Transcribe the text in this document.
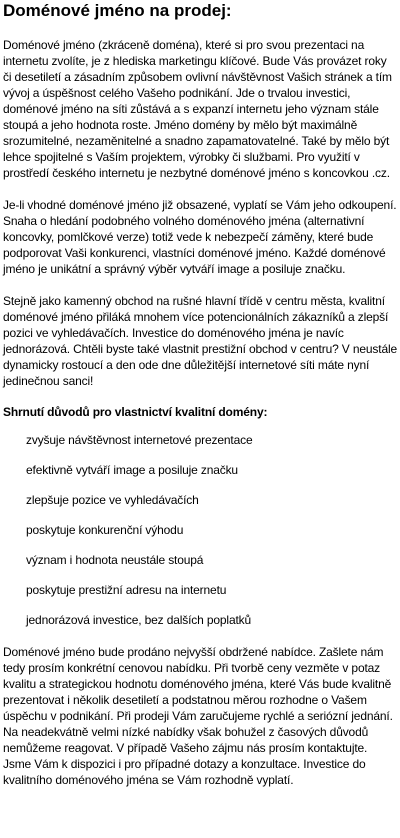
Doménové jméno na prodej:

Doménové jméno (zkráceně doména), které si pro svou prezentaci na internetu zvolíte, je z hlediska marketingu klíčové. Bude Vás provázet roky či desetiletí a zásadním způsobem ovlivní návštěvnost Vašich stránek a tím vývoj a úspěšnost celého Vašeho podnikání. Jde o trvalou investici, doménové jméno na síti zůstává a s expanzí internetu jeho význam stále stoupá a jeho hodnota roste. Jméno domény by mělo být maximálně srozumitelné, nezaměnitelné a snadno zapamatovatelné. Také by mělo být lehce spojitelné s Vaším projektem, výrobky či službami. Pro využití v prostředí českého internetu je nezbytné doménové jméno s koncovkou .cz.

Je-li vhodné doménové jméno již obsazené, vyplatí se Vám jeho odkoupení. Snaha o hledání podobného volného doménového jména (alternativní koncovky, pomlčkové verze) totiž vede k nebezpečí záměny, které bude podporovat Vaši konkurenci, vlastníci doménové jméno. Každé doménové jméno je unikátní a správný výběr vytváří image a posiluje značku.

Stejně jako kamenný obchod na rušné hlavní třídě v centru města, kvalitní doménové jméno přiláká mnohem více potencionálních zákazníků a zlepší pozici ve vyhledávačích. Investice do doménového jména je navíc jednorázová. Chtěli byste také vlastnit prestižní obchod v centru? V neustále dynamicky rostoucí a den ode dne důležitější internetové síti máte nyní jedinečnou sanci!

Shrnutí důvodů pro vlastnictví kvalitní domény:
zvyšuje návštěvnost internetové prezentace
efektivně vytváří image a posiluje značku
zlepšuje pozice ve vyhledávačích
poskytuje konkurenční výhodu
význam i hodnota neustále stoupá
poskytuje prestižní adresu na internetu
jednorázová investice, bez dalších poplatků

Doménové jméno bude prodáno nejvyšší obdržené nabídce. Zašlete nám tedy prosím konkrétní cenovou nabídku. Při tvorbě ceny vezměte v potaz kvalitu a strategickou hodnotu doménového jména, které Vás bude kvalitně prezentovat i několik desetiletí a podstatnou měrou rozhodne o Vašem úspěchu v podnikání. Při prodeji Vám zaručujeme rychlé a seriózní jednání. Na neadekvátně velmi nízké nabídky však bohužel z časových důvodů nemůžeme reagovat. V případě Vašeho zájmu nás prosím kontaktujte. Jsme Vám k dispozici i pro případné dotazy a konzultace. Investice do kvalitního doménového jména se Vám rozhodně vyplatí.
